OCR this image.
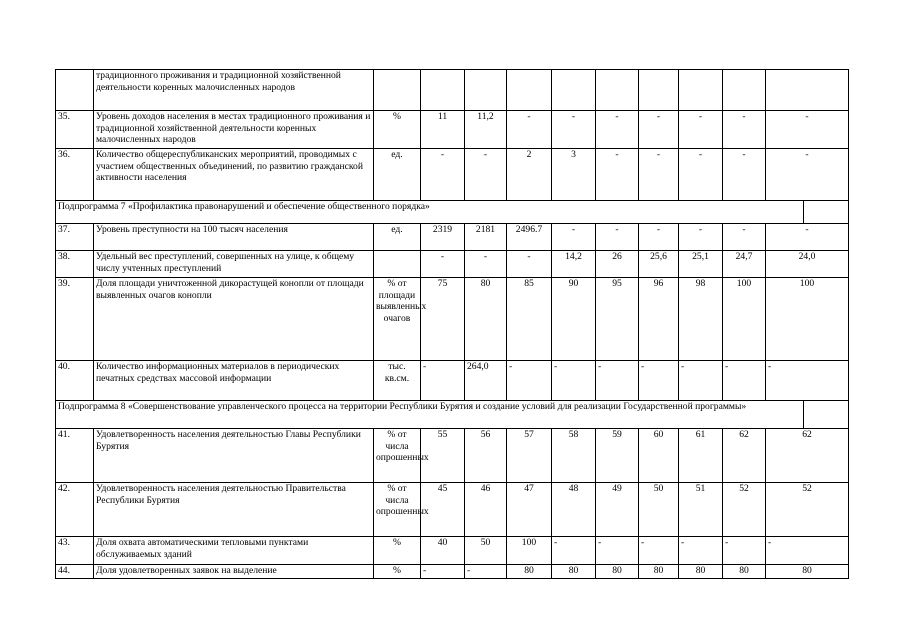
	традиционного проживания и традиционной хозяйственной деятельности коренных малочисленных народов											
35.	Уровень доходов населения в местах традиционного проживания и традиционной хозяйственной деятельности коренных малочисленных народов	%	11	11,2	-	-	-	-	-	-	-	
36.	Количество общереспубликанских мероприятий, проводимых с участием общественных объединений, по развитию гражданской активности населения	ед.	-	-	2	3	-	-	-	-	-	
Подпрограмма 7 «Профилактика правонарушений и обеспечение общественного порядка»												
37.	Уровень преступности на 100 тысяч населения	ед.	2319	2181	2496.7	-	-	-	-	-	-	
38.	Удельный вес преступлений, совершенных на улице, к общему числу учтенных преступлений		-	-	-	14,2	26	25,6	25,1	24,7	24,0	
39.	Доля площади уничтоженной дикорастущей конопли от площади выявленных очагов конопли	% от площади выявленных очагов	75	80	85	90	95	96	98	100	100	
40.	Количество информационных материалов в периодических печатных средствах массовой информации	тыс. кв.см.	-	264,0	-	-	-	-	-	-	-	
Подпрограмма 8 «Совершенствование управленческого процесса на территории Республики Бурятия и создание условий для реализации Государственной программы»												
41.	Удовлетворенность населения деятельностью Главы Республики Бурятия	% от числа опрошенных	55	56	57	58	59	60	61	62	62	
42.	Удовлетворенность населения деятельностью Правительства Республики Бурятия	% от числа опрошенных	45	46	47	48	49	50	51	52	52	
43.	Доля охвата автоматическими тепловыми пунктами обслуживаемых зданий	%	40	50	100	-	-	-	-	-	-	
44.	Доля удовлетворенных заявок на выделение	%	-	-	80	80	80	80	80	80	80	
